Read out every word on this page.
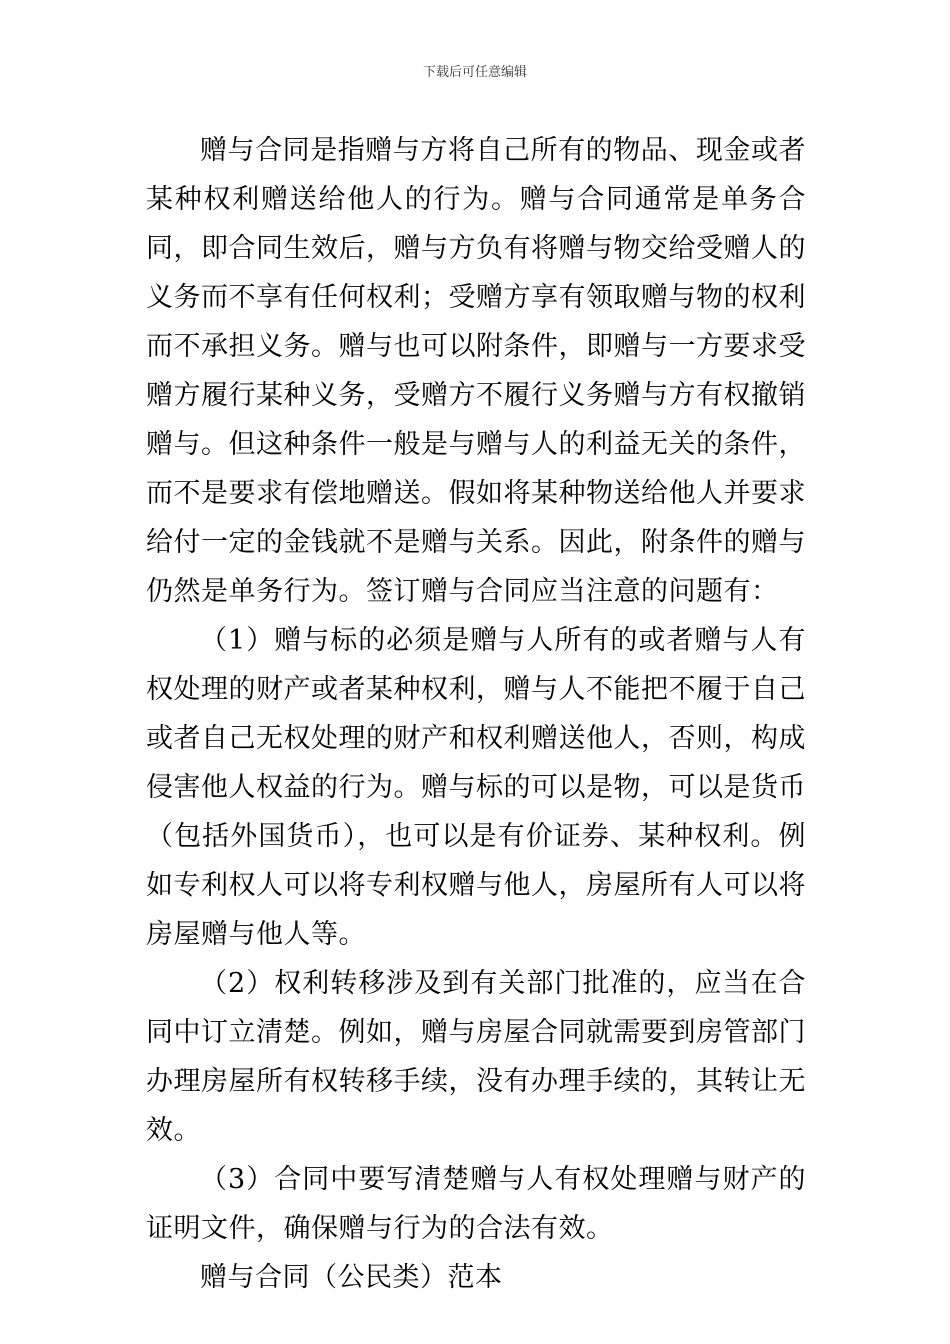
下载后可任意编辑

赠与合同是指赠与方将自己所有的物品、现金或者某种权利赠送给他人的行为。赠与合同通常是单务合同，即合同生效后，赠与方负有将赠与物交给受赠人的义务而不享有任何权利；受赠方享有领取赠与物的权利而不承担义务。赠与也可以附条件，即赠与一方要求受赠方履行某种义务，受赠方不履行义务赠与方有权撤销赠与。但这种条件一般是与赠与人的利益无关的条件，而不是要求有偿地赠送。假如将某种物送给他人并要求给付一定的金钱就不是赠与关系。因此，附条件的赠与仍然是单务行为。签订赠与合同应当注意的问题有：

（1）赠与标的必须是赠与人所有的或者赠与人有权处理的财产或者某种权利，赠与人不能把不履于自己或者自己无权处理的财产和权利赠送他人，否则，构成侵害他人权益的行为。赠与标的可以是物，可以是货币（包括外国货币），也可以是有价证券、某种权利。例如专利权人可以将专利权赠与他人，房屋所有人可以将房屋赠与他人等。

（2）权利转移涉及到有关部门批准的，应当在合同中订立清楚。例如，赠与房屋合同就需要到房管部门办理房屋所有权转移手续，没有办理手续的，其转让无效。

（3）合同中要写清楚赠与人有权处理赠与财产的证明文件，确保赠与行为的合法有效。

赠与合同（公民类）范本
